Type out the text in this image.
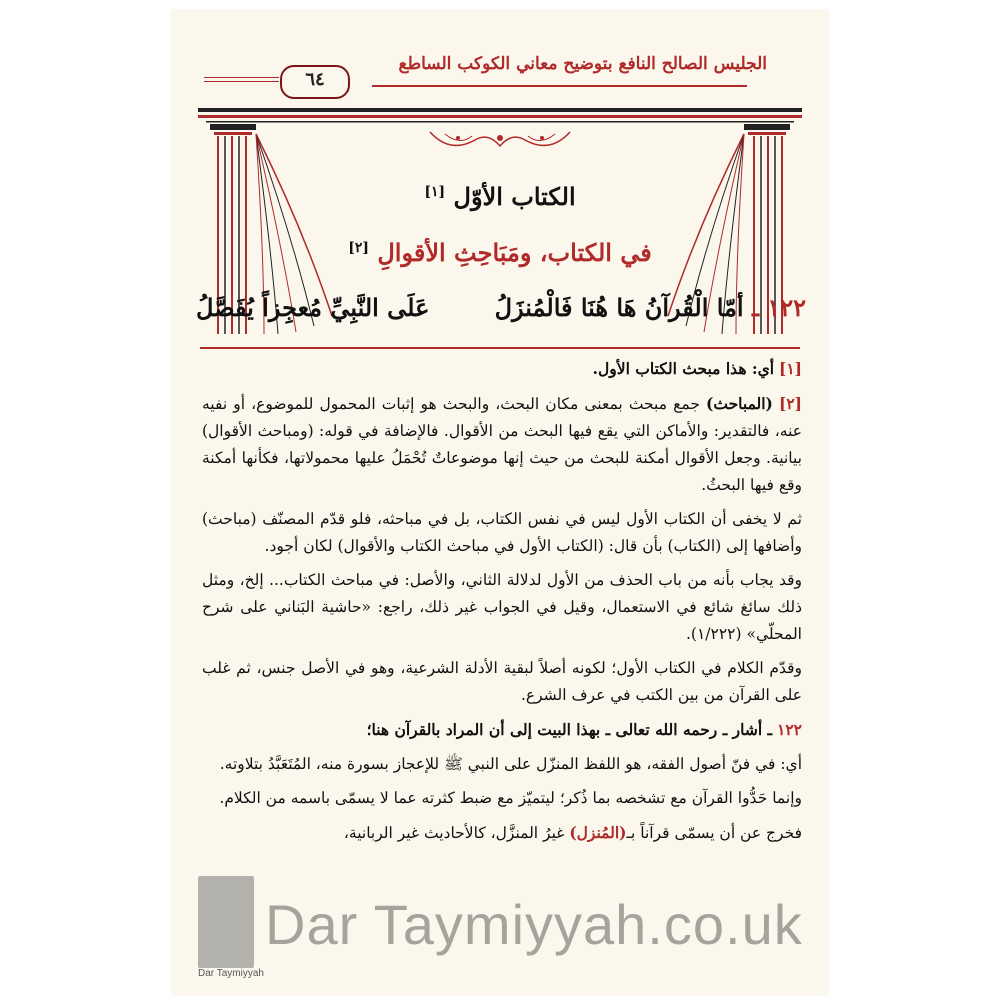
الجليس الصالح النافع بتوضيح معاني الكوكب الساطع
٦٤
الكتاب الأوّل [١]
في الكتاب، ومَبَاحِثِ الأقوالِ [٢]
١٢٢ ـ أمّا الْقُرآنُ هَا هُنَا فَالْمُنزَلُ
عَلَى النَّبِيِّ مُعجِزاً يُفَصَّلُ

[١] أي: هذا مبحث الكتاب الأول.

[٢] (المباحث) جمع مبحث بمعنى مكان البحث، والبحث هو إثبات المحمول للموضوع، أو نفيه عنه، فالتقدير: والأماكن التي يقع فيها البحث من الأقوال. فالإضافة في قوله: (ومباحث الأقوال) بيانية. وجعل الأقوال أمكنة للبحث من حيث إنها موضوعاتٌ تُحْمَلُ عليها محمولاتها، فكأنها أمكنة وقع فيها البحثُ.

ثم لا يخفى أن الكتاب الأول ليس في نفس الكتاب، بل في مباحثه، فلو قدّم المصنّف (مباحث) وأضافها إلى (الكتاب) بأن قال: (الكتاب الأول في مباحث الكتاب والأقوال) لكان أجود.

وقد يجاب بأنه من باب الحذف من الأول لدلالة الثاني، والأصل: في مباحث الكتاب... إلخ، ومثل ذلك سائغ شائع في الاستعمال، وقيل في الجواب غير ذلك، راجع: «حاشية البَناني على شرح المحلّي» (١/٢٢٢).

وقدّم الكلام في الكتاب الأول؛ لكونه أصلاً لبقية الأدلة الشرعية، وهو في الأصل جنس، ثم غلب على القرآن من بين الكتب في عرف الشرع.

١٢٢ ـ أشار ـ رحمه الله تعالى ـ بهذا البيت إلى أن المراد بالقرآن هنا؛

أي: في فنّ أصول الفقه، هو اللفظ المنزّل على النبي ﷺ للإعجاز بسورة منه، المُتَعَبَّدُ بتلاوته.

وإنما حَدُّوا القرآن مع تشخصه بما ذُكر؛ ليتميّز مع ضبط كثرته عما لا يسمّى باسمه من الكلام.

فخرج عن أن يسمّى قرآناً بـ(المُنزل) غيرُ المنزَّل، كالأحاديث غير الربانية،

Dar Taymiyyah
Dar Taymiyyah.co.uk
